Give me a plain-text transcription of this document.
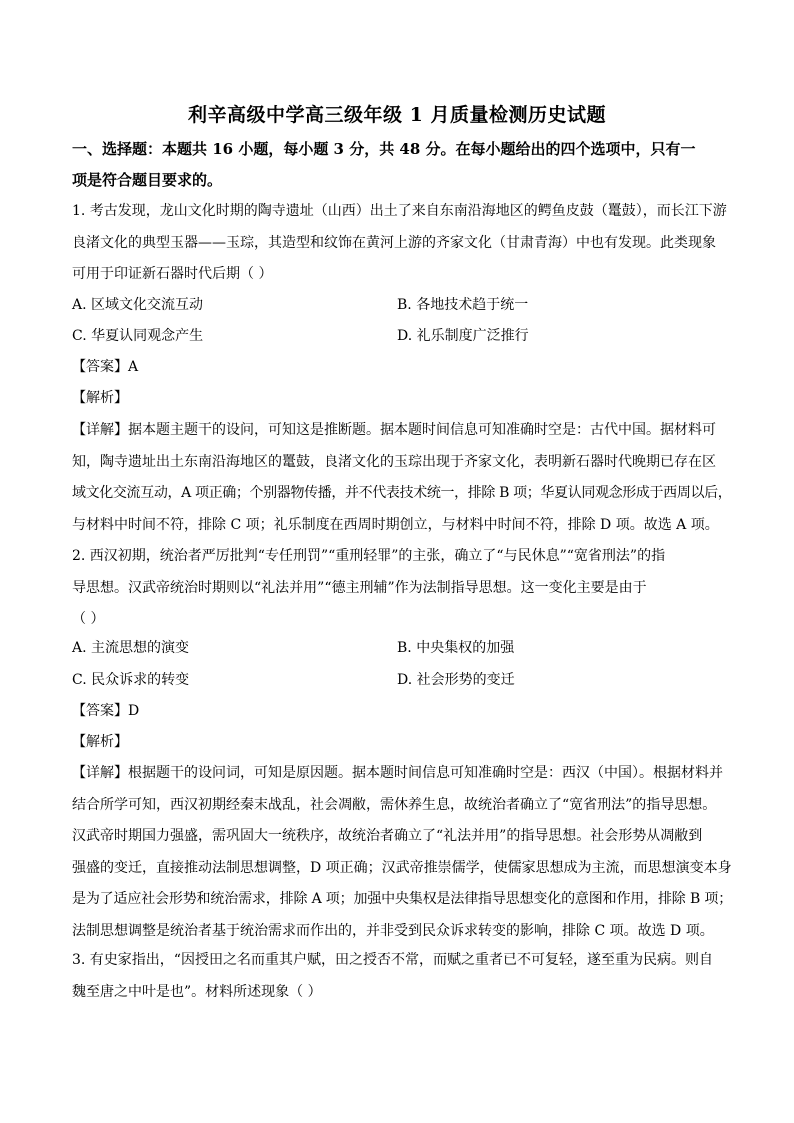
利辛高级中学高三级年级 1 月质量检测历史试题
一、选择题：本题共 16 小题，每小题 3 分，共 48 分。在每小题给出的四个选项中，只有一
项是符合题目要求的。
1. 考古发现，龙山文化时期的陶寺遗址（山西）出土了来自东南沿海地区的鳄鱼皮鼓（鼍鼓），而长江下游
良渚文化的典型玉器——玉琮，其造型和纹饰在黄河上游的齐家文化（甘肃青海）中也有发现。此类现象
可用于印证新石器时代后期（ ）
A. 区域文化交流互动	B. 各地技术趋于统一
C. 华夏认同观念产生	D. 礼乐制度广泛推行
【答案】A
【解析】
【详解】据本题主题干的设问，可知这是推断题。据本题时间信息可知准确时空是：古代中国。据材料可
知，陶寺遗址出土东南沿海地区的鼍鼓，良渚文化的玉琮出现于齐家文化，表明新石器时代晚期已存在区
域文化交流互动，A 项正确；个别器物传播，并不代表技术统一，排除 B 项；华夏认同观念形成于西周以后，
与材料中时间不符，排除 C 项；礼乐制度在西周时期创立，与材料中时间不符，排除 D 项。故选 A 项。
2. 西汉初期，统治者严厉批判“专任刑罚”“重刑轻罪”的主张，确立了“与民休息”“宽省刑法”的指
导思想。汉武帝统治时期则以“礼法并用”“德主刑辅”作为法制指导思想。这一变化主要是由于
（ ）
A. 主流思想的演变	B. 中央集权的加强
C. 民众诉求的转变	D. 社会形势的变迁
【答案】D
【解析】
【详解】根据题干的设问词，可知是原因题。据本题时间信息可知准确时空是：西汉（中国）。根据材料并
结合所学可知，西汉初期经秦末战乱，社会凋敝，需休养生息，故统治者确立了“宽省刑法”的指导思想。
汉武帝时期国力强盛，需巩固大一统秩序，故统治者确立了“礼法并用”的指导思想。社会形势从凋敝到
强盛的变迁，直接推动法制思想调整，D 项正确；汉武帝推崇儒学，使儒家思想成为主流，而思想演变本身
是为了适应社会形势和统治需求，排除 A 项；加强中央集权是法律指导思想变化的意图和作用，排除 B 项；
法制思想调整是统治者基于统治需求而作出的，并非受到民众诉求转变的影响，排除 C 项。故选 D 项。
3. 有史家指出，“因授田之名而重其户赋，田之授否不常，而赋之重者已不可复轻，遂至重为民病。则自
魏至唐之中叶是也”。材料所述现象（ ）
